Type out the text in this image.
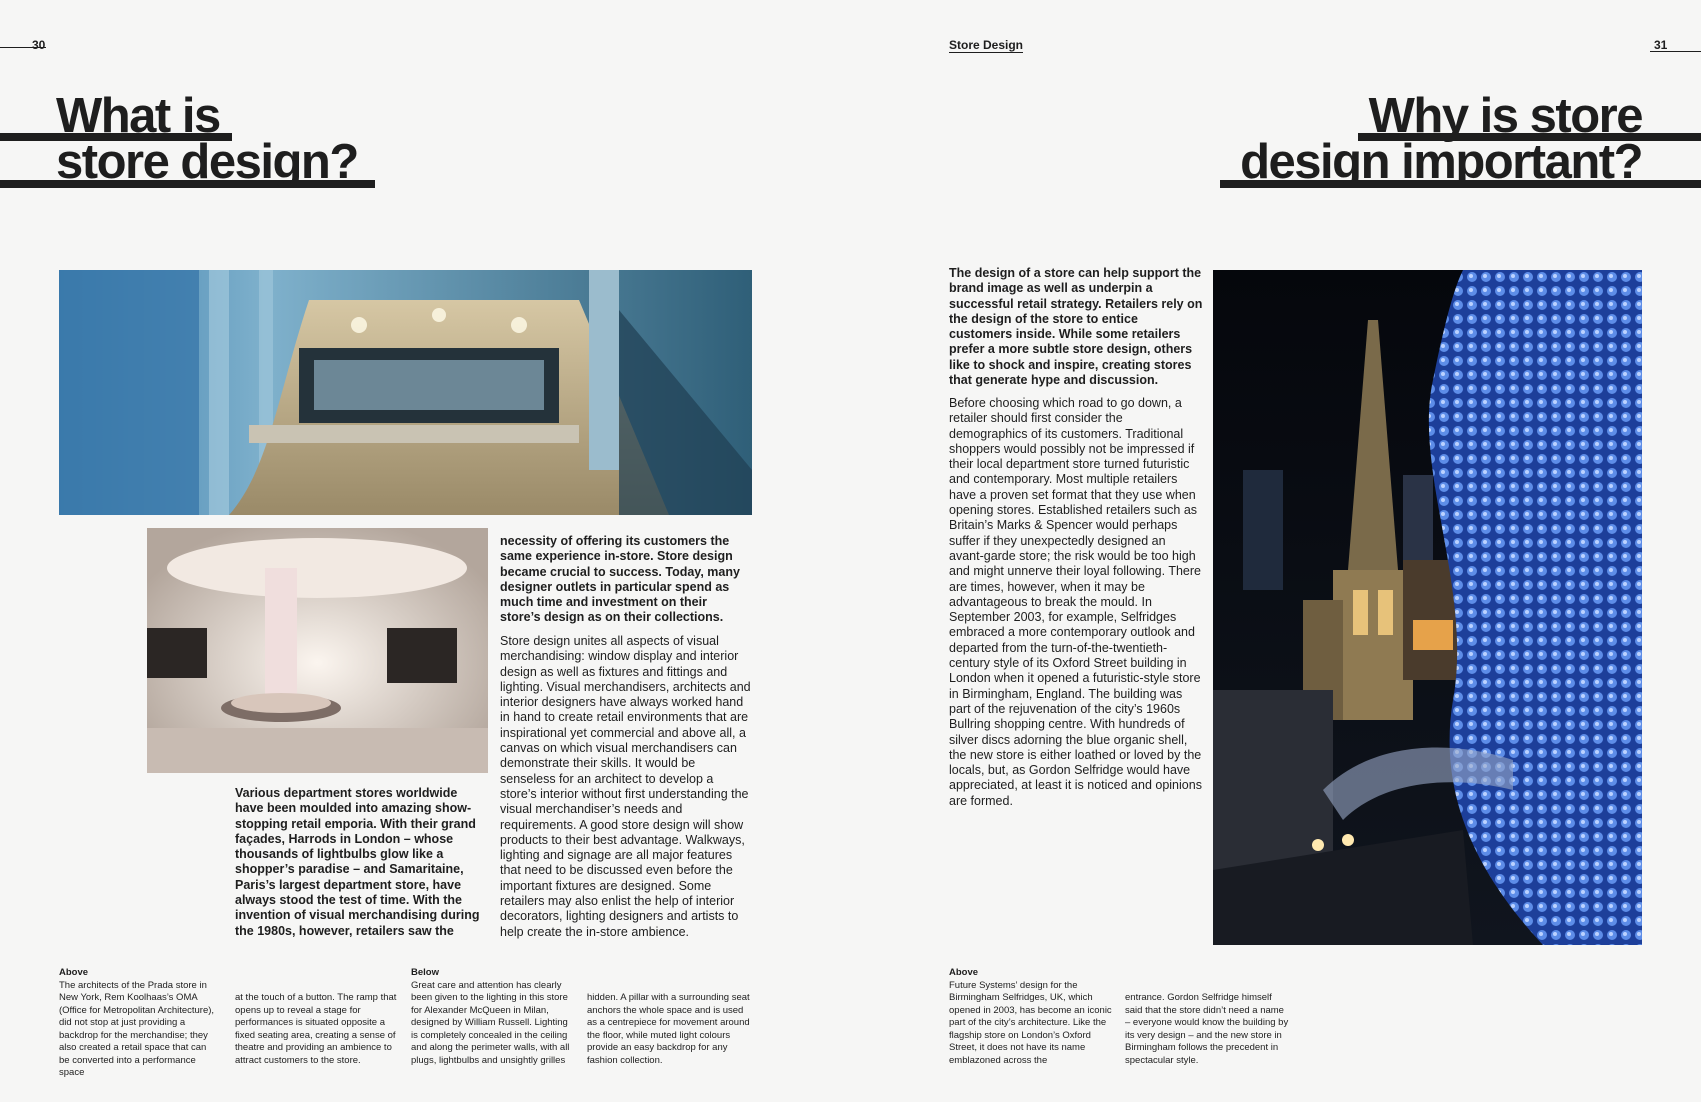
30
What is
store design?

Various department stores worldwide have been moulded into amazing show-stopping retail emporia. With their grand façades, Harrods in London – whose thousands of lightbulbs glow like a shopper’s paradise – and Samaritaine, Paris’s largest department store, have always stood the test of time. With the invention of visual merchandising during the 1980s, however, retailers saw the

necessity of offering its customers the same experience in-store. Store design became crucial to success. Today, many designer outlets in particular spend as much time and investment on their store’s design as on their collections.

Store design unites all aspects of visual merchandising: window display and interior design as well as fixtures and fittings and lighting. Visual merchandisers, architects and interior designers have always worked hand in hand to create retail environments that are inspirational yet commercial and above all, a canvas on which visual merchandisers can demonstrate their skills. It would be senseless for an architect to develop a store’s interior without first understanding the visual merchandiser’s needs and requirements. A good store design will show products to their best advantage. Walkways, lighting and signage are all major features that need to be discussed even before the important fixtures are designed. Some retailers may also enlist the help of interior decorators, lighting designers and artists to help create the in-store ambience.

Above
The architects of the Prada store in New York, Rem Koolhaas’s OMA (Office for Metropolitan Architecture), did not stop at just providing a backdrop for the merchandise; they also created a retail space that can be converted into a performance space
at the touch of a button. The ramp that opens up to reveal a stage for performances is situated opposite a fixed seating area, creating a sense of theatre and providing an ambience to attract customers to the store.
Below
Great care and attention has clearly been given to the lighting in this store for Alexander McQueen in Milan, designed by William Russell. Lighting is completely concealed in the ceiling and along the perimeter walls, with all plugs, lightbulbs and unsightly grilles
hidden. A pillar with a surrounding seat anchors the whole space and is used as a centrepiece for movement around the floor, while muted light colours provide an easy backdrop for any fashion collection.
Store Design	31
Why is store
design important?

The design of a store can help support the brand image as well as underpin a successful retail strategy. Retailers rely on the design of the store to entice customers inside. While some retailers prefer a more subtle store design, others like to shock and inspire, creating stores that generate hype and discussion.

Before choosing which road to go down, a retailer should first consider the demographics of its customers. Traditional shoppers would possibly not be impressed if their local department store turned futuristic and contemporary. Most multiple retailers have a proven set format that they use when opening stores. Established retailers such as Britain’s Marks & Spencer would perhaps suffer if they unexpectedly designed an avant-garde store; the risk would be too high and might unnerve their loyal following. There are times, however, when it may be advantageous to break the mould. In September 2003, for example, Selfridges embraced a more contemporary outlook and departed from the turn-of-the-twentieth-century style of its Oxford Street building in London when it opened a futuristic-style store in Birmingham, England. The building was part of the rejuvenation of the city’s 1960s Bullring shopping centre. With hundreds of silver discs adorning the blue organic shell, the new store is either loathed or loved by the locals, but, as Gordon Selfridge would have appreciated, at least it is noticed and opinions are formed.

Above
Future Systems’ design for the Birmingham Selfridges, UK, which opened in 2003, has become an iconic part of the city’s architecture. Like the flagship store on London’s Oxford Street, it does not have its name emblazoned across the
entrance. Gordon Selfridge himself said that the store didn’t need a name – everyone would know the building by its very design – and the new store in Birmingham follows the precedent in spectacular style.
